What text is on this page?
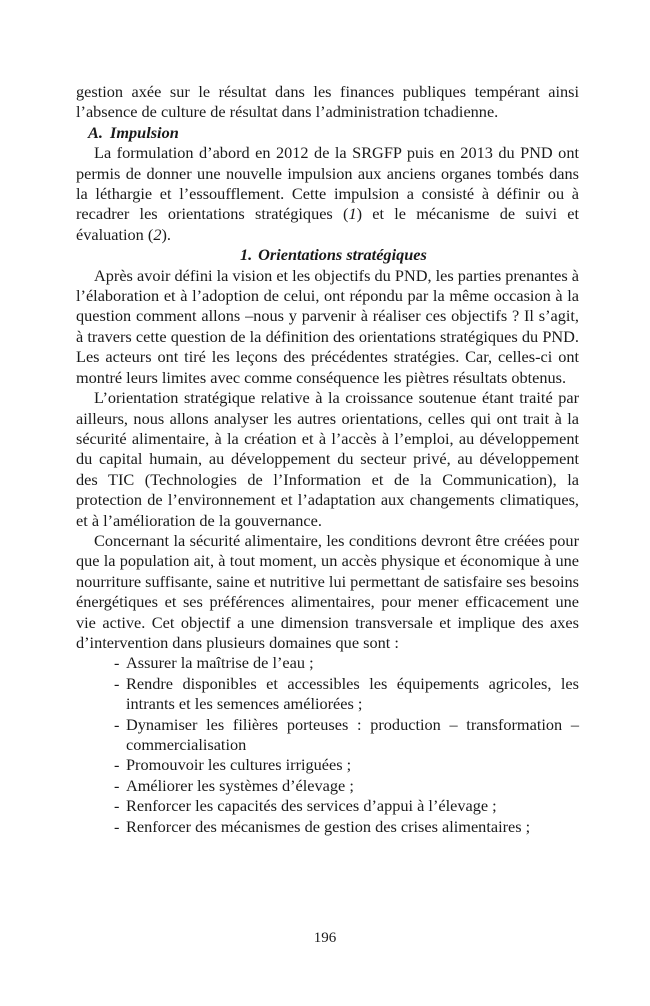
gestion axée sur le résultat dans les finances publiques tempérant ainsi l’absence de culture de résultat dans l’administration tchadienne.

A. Impulsion

La formulation d’abord en 2012 de la SRGFP puis en 2013 du PND ont permis de donner une nouvelle impulsion aux anciens organes tombés dans la léthargie et l’essoufflement. Cette impulsion a consisté à définir ou à recadrer les orientations stratégiques (1) et le mécanisme de suivi et évaluation (2).

1. Orientations stratégiques

Après avoir défini la vision et les objectifs du PND, les parties prenantes à l’élaboration et à l’adoption de celui, ont répondu par la même occasion à la question comment allons –nous y parvenir à réaliser ces objectifs ? Il s’agit, à travers cette question de la définition des orientations stratégiques du PND. Les acteurs ont tiré les leçons des précédentes stratégies. Car, celles-ci ont montré leurs limites avec comme conséquence les piètres résultats obtenus.

L’orientation stratégique relative à la croissance soutenue étant traité par ailleurs, nous allons analyser les autres orientations, celles qui ont trait à la sécurité alimentaire, à la création et à l’accès à l’emploi, au développement du capital humain, au développement du secteur privé, au développement des TIC (Technologies de l’Information et de la Communication), la protection de l’environnement et l’adaptation aux changements climatiques, et à l’amélioration de la gouvernance.

Concernant la sécurité alimentaire, les conditions devront être créées pour que la population ait, à tout moment, un accès physique et économique à une nourriture suffisante, saine et nutritive lui permettant de satisfaire ses besoins énergétiques et ses préférences alimentaires, pour mener efficacement une vie active. Cet objectif a une dimension transversale et implique des axes d’intervention dans plusieurs domaines que sont :

- Assurer la maîtrise de l’eau ;
- Rendre disponibles et accessibles les équipements agricoles, les intrants et les semences améliorées ;
- Dynamiser les filières porteuses : production – transformation – commercialisation
- Promouvoir les cultures irriguées ;
- Améliorer les systèmes d’élevage ;
- Renforcer les capacités des services d’appui à l’élevage ;
- Renforcer des mécanismes de gestion des crises alimentaires ;
196
